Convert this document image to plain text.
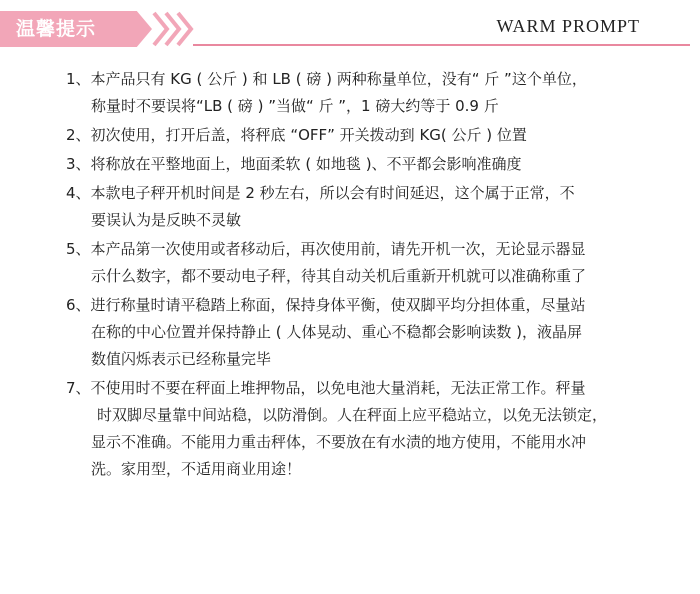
温馨提示	WARM PROMPT
1、本产品只有 KG ( 公斤 ) 和 LB ( 磅 ) 两种称量单位，没有“ 斤 ”这个单位，
称量时不要误将“LB ( 磅 ) ”当做“ 斤 ”，1 磅大约等于 0.9 斤
2、初次使用，打开后盖，将秤底 “OFF” 开关拨动到 KG( 公斤 ) 位置
3、将称放在平整地面上，地面柔软 ( 如地毯 )、不平都会影响准确度
4、本款电子秤开机时间是 2 秒左右，所以会有时间延迟，这个属于正常，不
要误认为是反映不灵敏
5、本产品第一次使用或者移动后，再次使用前，请先开机一次，无论显示器显
示什么数字，都不要动电子秤，待其自动关机后重新开机就可以准确称重了
6、进行称量时请平稳踏上称面，保持身体平衡，使双脚平均分担体重，尽量站
在称的中心位置并保持静止 ( 人体晃动、重心不稳都会影响读数 )，液晶屏
数值闪烁表示已经称量完毕
7、不使用时不要在秤面上堆押物品，以免电池大量消耗，无法正常工作。秤量
时双脚尽量靠中间站稳，以防滑倒。人在秤面上应平稳站立，以免无法锁定，
显示不准确。不能用力重击秤体，不要放在有水渍的地方使用，不能用水冲
洗。家用型，不适用商业用途！
